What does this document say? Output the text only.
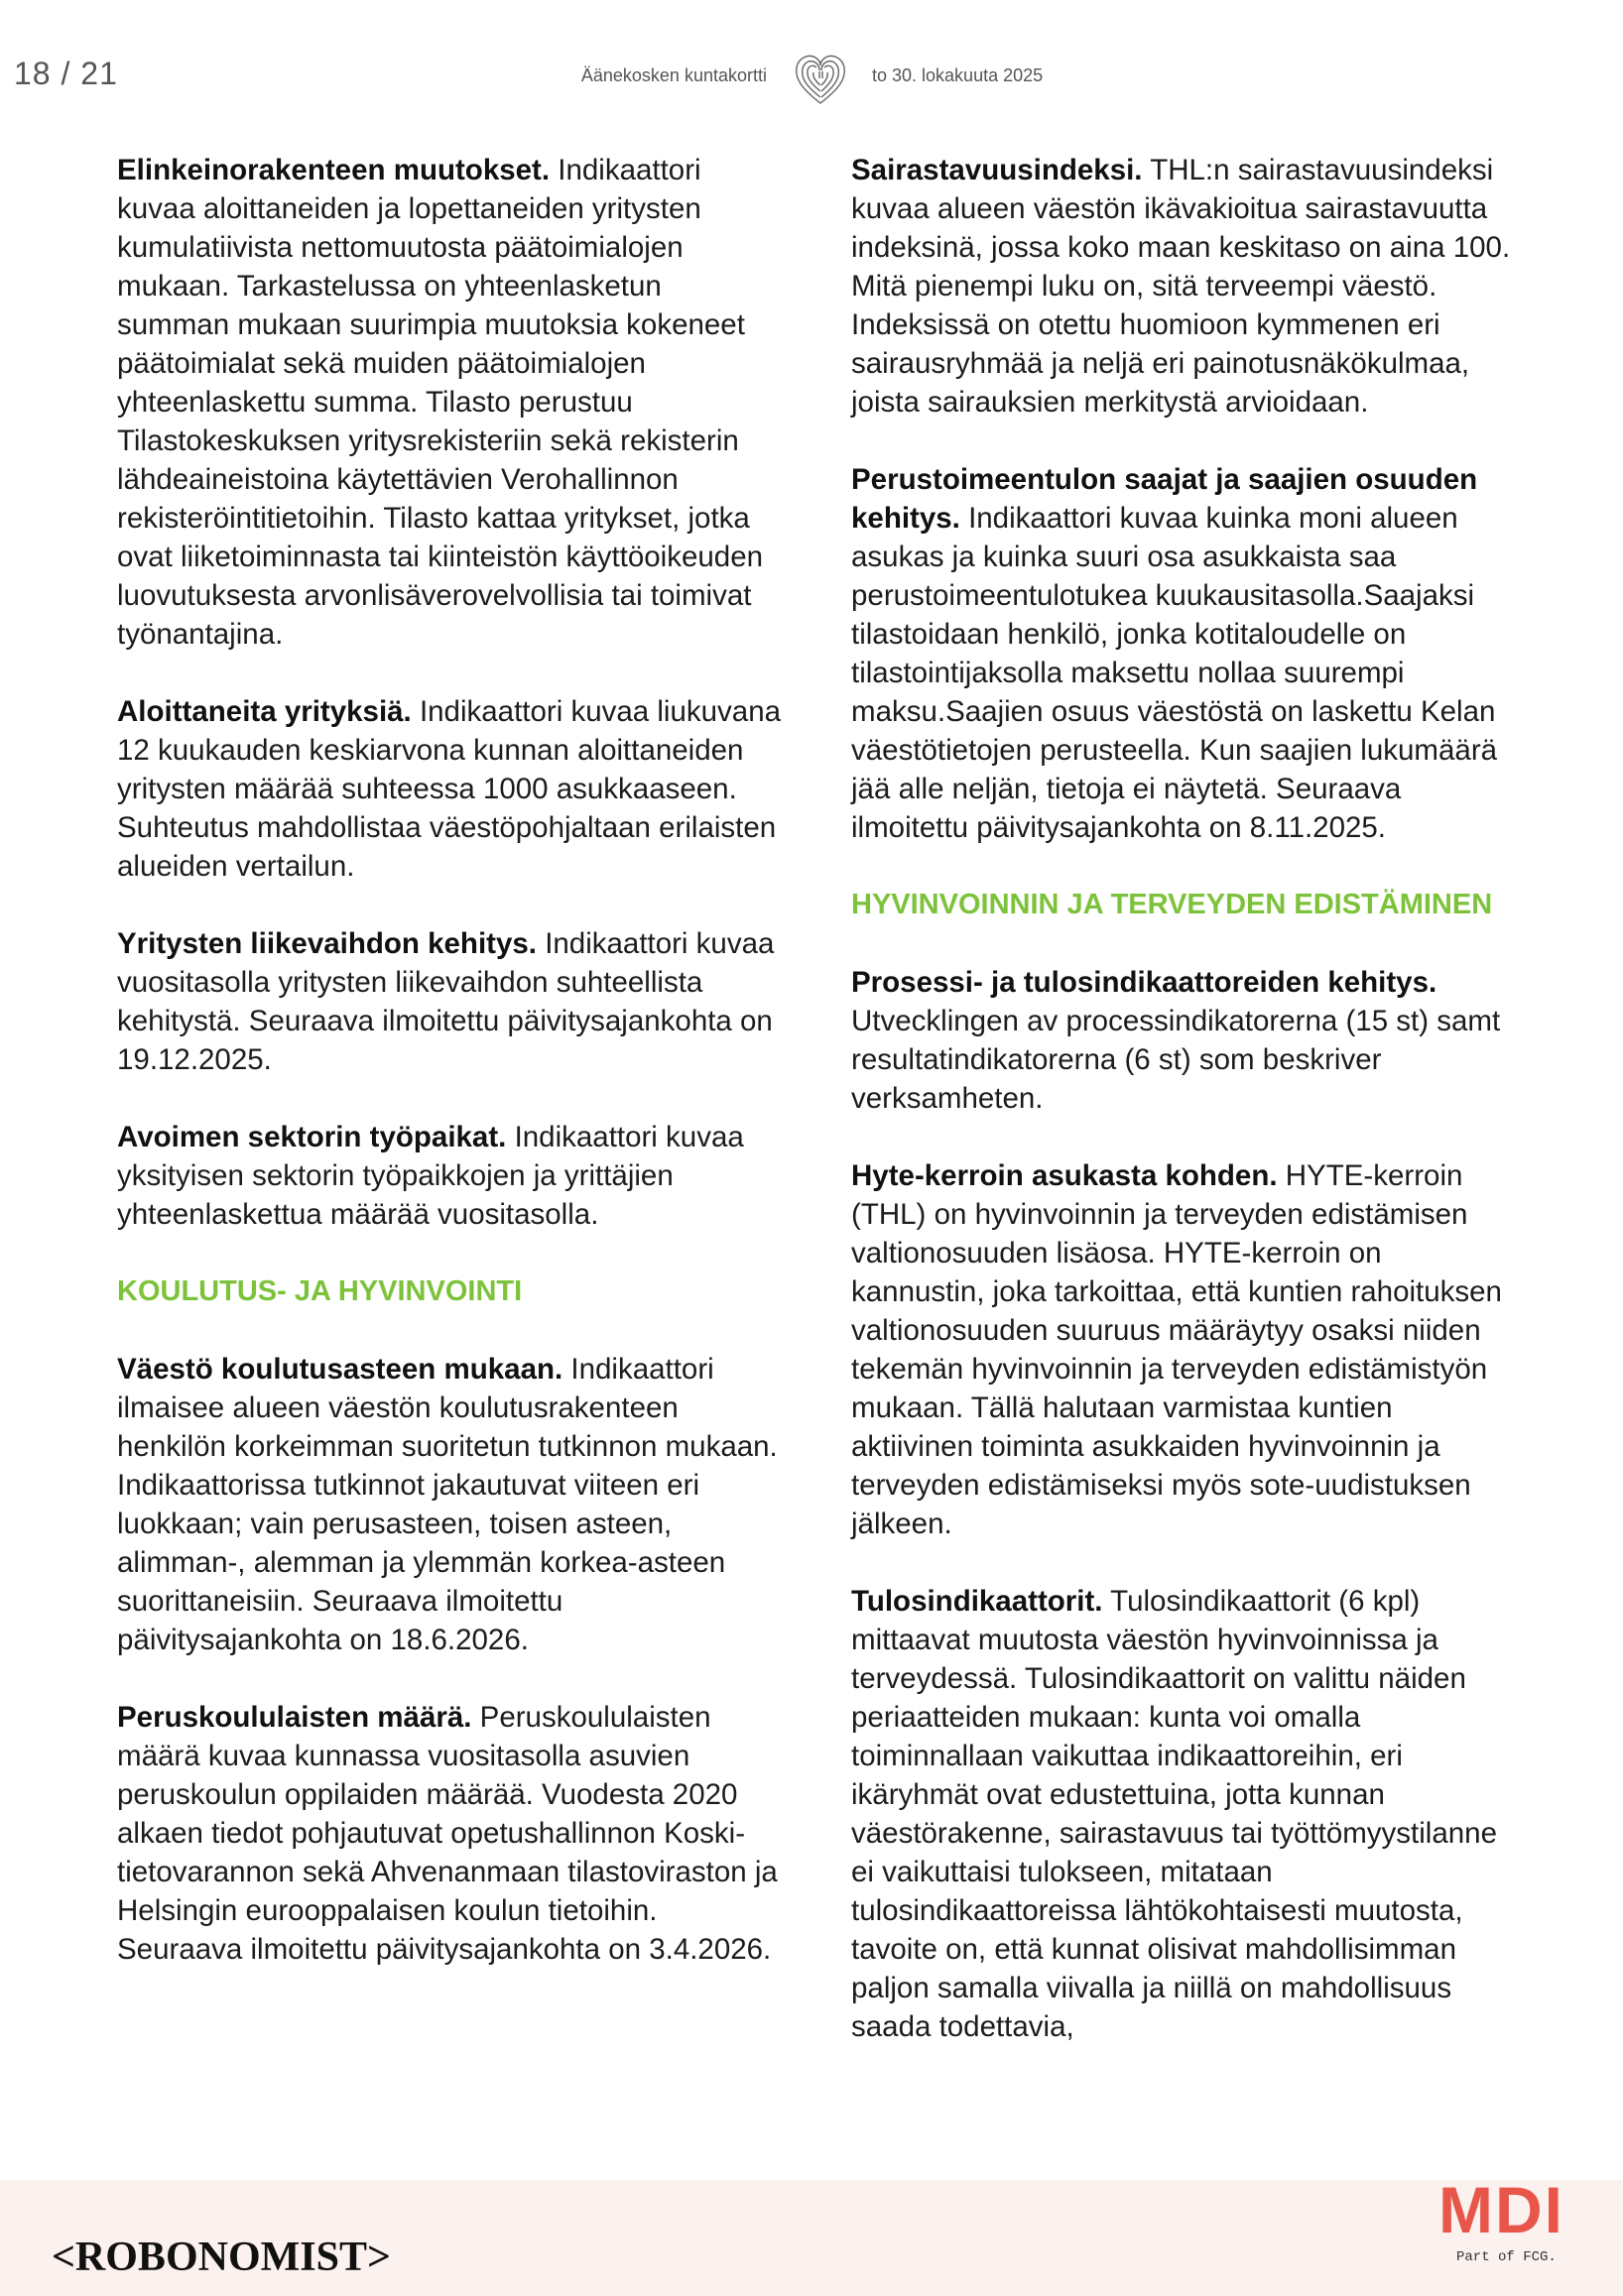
18 / 21	Äänekosken kuntakortti	to 30. lokakuuta 2025

Elinkeinorakenteen muutokset. Indikaattori kuvaa aloittaneiden ja lopettaneiden yritysten kumulatiivista nettomuutosta päätoimialojen mukaan. Tarkastelussa on yhteenlasketun summan mukaan suurimpia muutoksia kokeneet päätoimialat sekä muiden päätoimialojen yhteenlaskettu summa. Tilasto perustuu Tilastokeskuksen yritysrekisteriin sekä rekisterin lähdeaineistoina käytettävien Verohallinnon rekisteröintitietoihin. Tilasto kattaa yritykset, jotka ovat liiketoiminnasta tai kiinteistön käyttöoikeuden luovutuksesta arvonlisäverovelvollisia tai toimivat työnantajina.

Aloittaneita yrityksiä. Indikaattori kuvaa liukuvana 12 kuukauden keskiarvona kunnan aloittaneiden yritysten määrää suhteessa 1000 asukkaaseen. Suhteutus mahdollistaa väestöpohjaltaan erilaisten alueiden vertailun.

Yritysten liikevaihdon kehitys. Indikaattori kuvaa vuositasolla yritysten liikevaihdon suhteellista kehitystä. Seuraava ilmoitettu päivitysajankohta on 19.12.2025.

Avoimen sektorin työpaikat. Indikaattori kuvaa yksityisen sektorin työpaikkojen ja yrittäjien yhteenlaskettua määrää vuositasolla.

KOULUTUS- JA HYVINVOINTI

Väestö koulutusasteen mukaan. Indikaattori ilmaisee alueen väestön koulutusrakenteen henkilön korkeimman suoritetun tutkinnon mukaan. Indikaattorissa tutkinnot jakautuvat viiteen eri luokkaan; vain perusasteen, toisen asteen, alimman-, alemman ja ylemmän korkea-asteen suorittaneisiin. Seuraava ilmoitettu päivitysajankohta on 18.6.2026.

Peruskoululaisten määrä. Peruskoululaisten määrä kuvaa kunnassa vuositasolla asuvien peruskoulun oppilaiden määrää. Vuodesta 2020 alkaen tiedot pohjautuvat opetushallinnon Koski-tietovarannon sekä Ahvenanmaan tilastoviraston ja Helsingin eurooppalaisen koulun tietoihin. Seuraava ilmoitettu päivitysajankohta on 3.4.2026.

Sairastavuusindeksi. THL:n sairastavuusindeksi kuvaa alueen väestön ikävakioitua sairastavuutta indeksinä, jossa koko maan keskitaso on aina 100. Mitä pienempi luku on, sitä terveempi väestö. Indeksissä on otettu huomioon kymmenen eri sairausryhmää ja neljä eri painotusnäkökulmaa, joista sairauksien merkitystä arvioidaan.

Perustoimeentulon saajat ja saajien osuuden kehitys. Indikaattori kuvaa kuinka moni alueen asukas ja kuinka suuri osa asukkaista saa perustoimeentulotukea kuukausitasolla.Saajaksi tilastoidaan henkilö, jonka kotitaloudelle on tilastointijaksolla maksettu nollaa suurempi maksu.Saajien osuus väestöstä on laskettu Kelan väestötietojen perusteella. Kun saajien lukumäärä jää alle neljän, tietoja ei näytetä. Seuraava ilmoitettu päivitysajankohta on 8.11.2025.

HYVINVOINNIN JA TERVEYDEN EDISTÄMINEN

Prosessi- ja tulosindikaattoreiden kehitys. Utvecklingen av processindikatorerna (15 st) samt resultatindikatorerna (6 st) som beskriver verksamheten.

Hyte-kerroin asukasta kohden. HYTE-kerroin (THL) on hyvinvoinnin ja terveyden edistämisen valtionosuuden lisäosa. HYTE-kerroin on kannustin, joka tarkoittaa, että kuntien rahoituksen valtionosuuden suuruus määräytyy osaksi niiden tekemän hyvinvoinnin ja terveyden edistämistyön mukaan. Tällä halutaan varmistaa kuntien aktiivinen toiminta asukkaiden hyvinvoinnin ja terveyden edistämiseksi myös sote-uudistuksen jälkeen.

Tulosindikaattorit. Tulosindikaattorit (6 kpl) mittaavat muutosta väestön hyvinvoinnissa ja terveydessä. Tulosindikaattorit on valittu näiden periaatteiden mukaan: kunta voi omalla toiminnallaan vaikuttaa indikaattoreihin, eri ikäryhmät ovat edustettuina, jotta kunnan väestörakenne, sairastavuus tai työttömyystilanne ei vaikuttaisi tulokseen, mitataan tulosindikaattoreissa lähtökohtaisesti muutosta, tavoite on, että kunnat olisivat mahdollisimman paljon samalla viivalla ja niillä on mahdollisuus saada todettavia,

<ROBONOMIST>
MDI
Part of FCG.
